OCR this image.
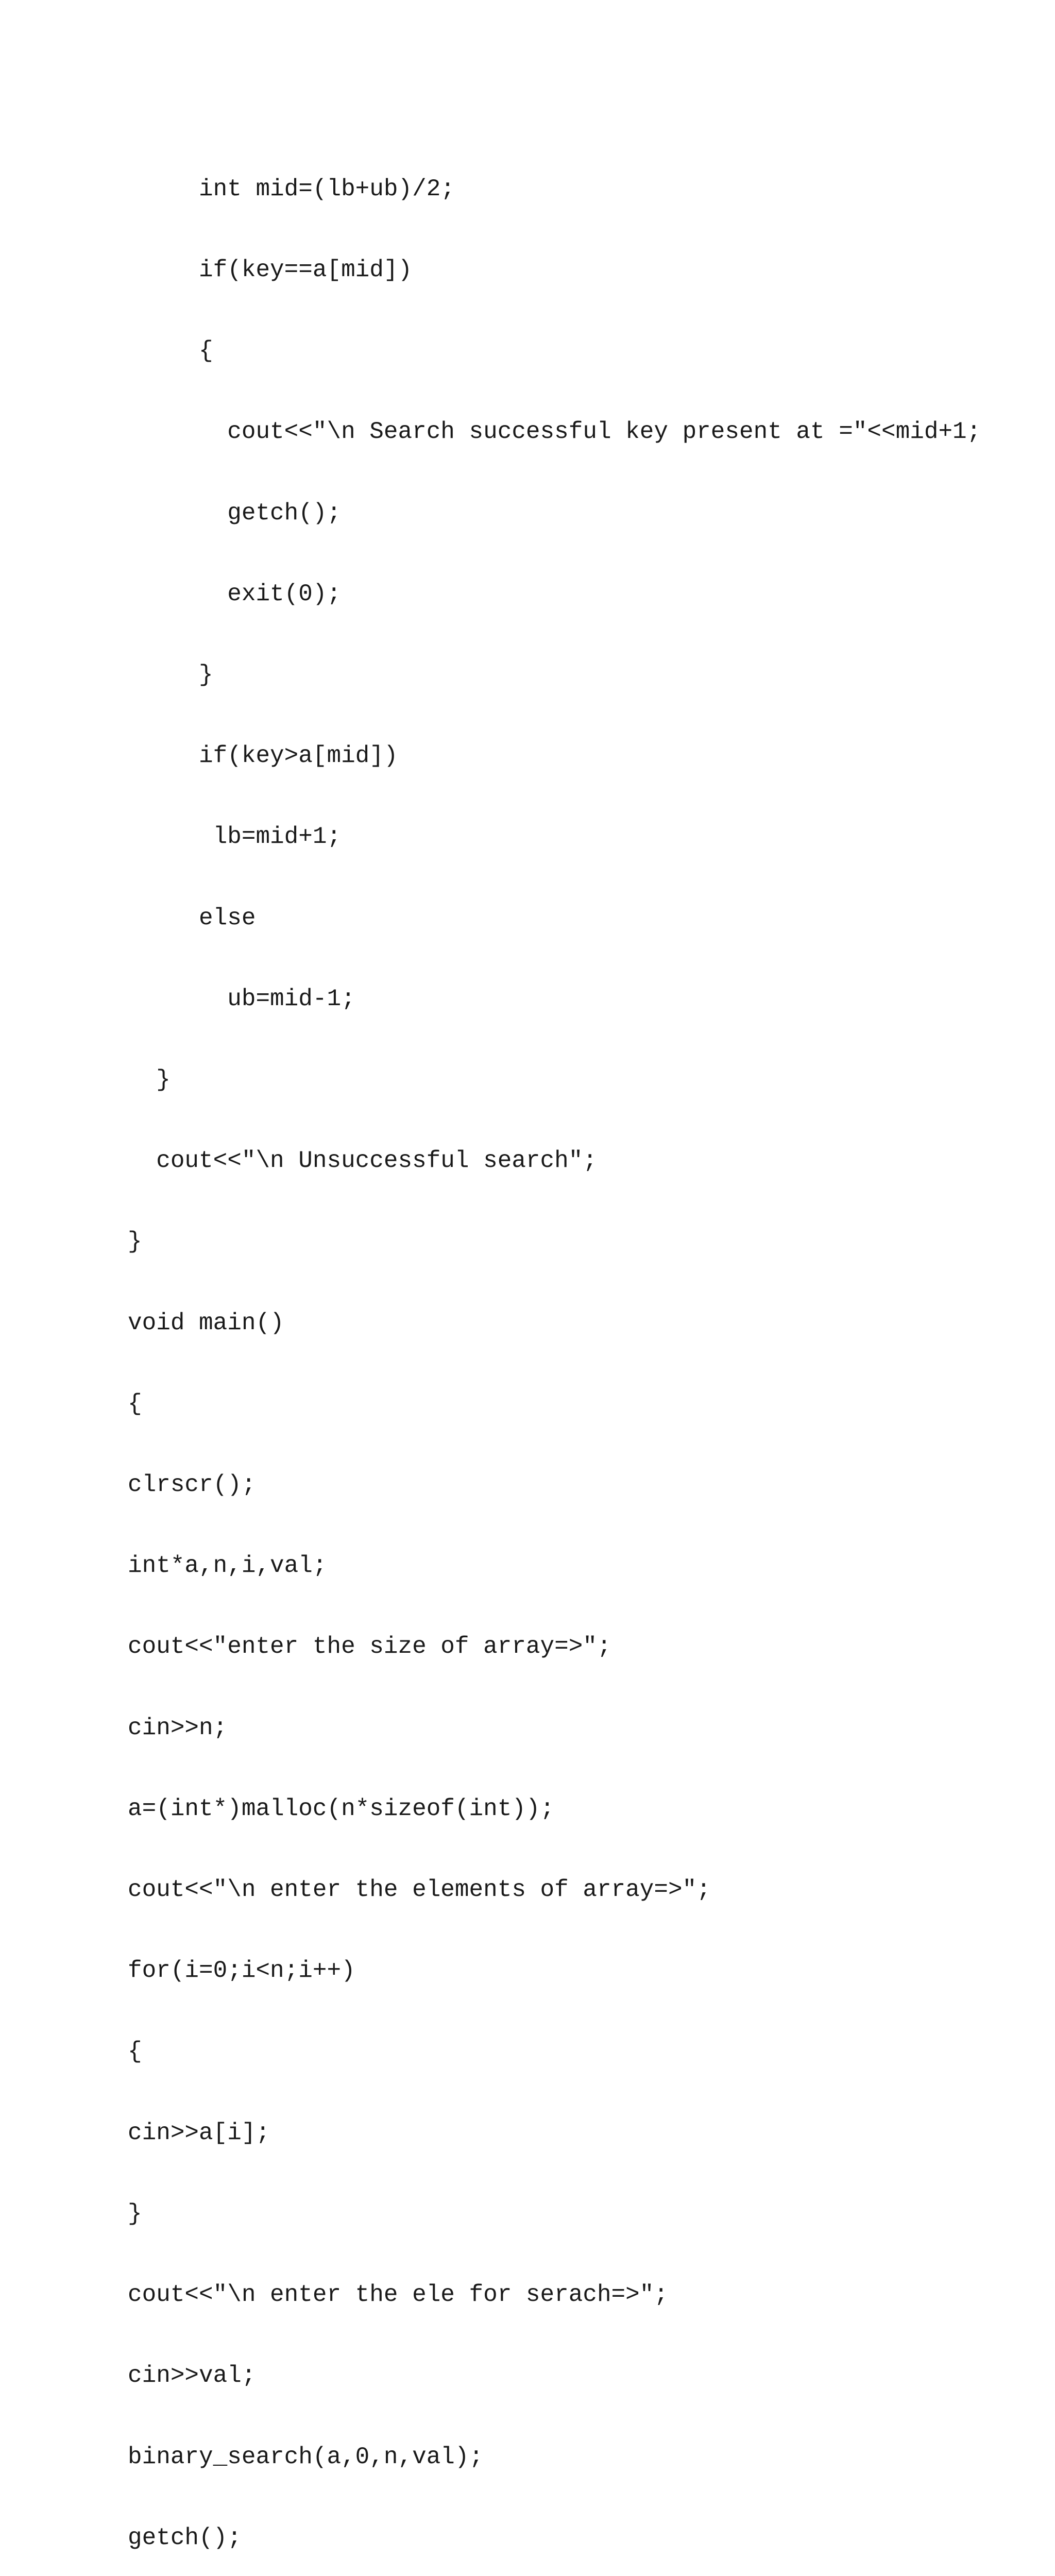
int mid=(lb+ub)/2;

if(key==a[mid])

{

cout<<"\n Search successful key present at ="<<mid+1;

getch();

exit(0);

}

if(key>a[mid])

lb=mid+1;

else

ub=mid-1;

}

cout<<"\n Unsuccessful search";

}

void main()

{

clrscr();

int*a,n,i,val;

cout<<"enter the size of array=>";

cin>>n;

a=(int*)malloc(n*sizeof(int));

cout<<"\n enter the elements of array=>";

for(i=0;i<n;i++)

{

cin>>a[i];

}

cout<<"\n enter the ele for serach=>";

cin>>val;

binary_search(a,0,n,val);

getch();
